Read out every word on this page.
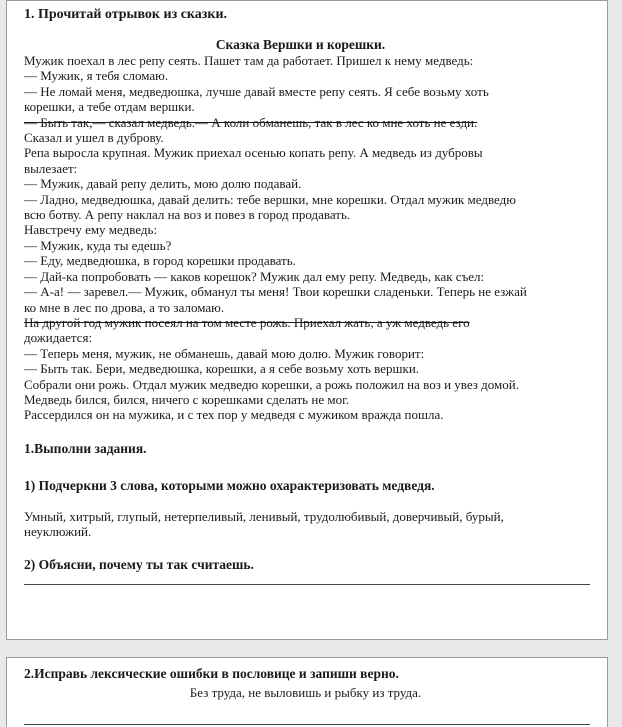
1. Прочитай отрывок из сказки.
Сказка Вершки и корешки.
Мужик поехал в лес репу сеять. Пашет там да работает. Пришел к нему медведь:
— Мужик, я тебя сломаю.
— Не ломай меня, медведюшка, лучше давай вместе репу сеять. Я себе возьму хоть
корешки, а тебе отдам вершки.
— Быть так,— сказал медведь.— А коли обманешь, так в лес ко мне хоть не езди.
Сказал и ушел в дуброву.
Репа выросла крупная. Мужик приехал осенью копать репу. А медведь из дубровы
вылезает:
— Мужик, давай репу делить, мою долю подавай.
— Ладно, медведюшка, давай делить: тебе вершки, мне корешки. Отдал мужик медведю
всю ботву. А репу наклал на воз и повез в город продавать.
Навстречу ему медведь:
— Мужик, куда ты едешь?
— Еду, медведюшка, в город корешки продавать.
— Дай-ка попробовать — каков корешок? Мужик дал ему репу. Медведь, как съел:
— А-а! — заревел.— Мужик, обманул ты меня! Твои корешки сладеньки. Теперь не езжай
ко мне в лес по дрова, а то заломаю.
На другой год мужик посеял на том месте рожь. Приехал жать, а уж медведь его
дожидается:
— Теперь меня, мужик, не обманешь, давай мою долю. Мужик говорит:
— Быть так. Бери, медведюшка, корешки, а я себе возьму хоть вершки.
Собрали они рожь. Отдал мужик медведю корешки, а рожь положил на воз и увез домой.
Медведь бился, бился, ничего с корешками сделать не мог.
Рассердился он на мужика, и с тех пор у медведя с мужиком вражда пошла.
1.Выполни задания.
1) Подчеркни 3 слова, которыми можно охарактеризовать медведя.
Умный, хитрый, глупый, нетерпеливый, ленивый, трудолюбивый, доверчивый, бурый,
неуклюжий.
2) Объясни, почему ты так считаешь.
2.Исправь лексические ошибки в пословице и запиши верно.
Без труда, не выловишь и рыбку из труда.
